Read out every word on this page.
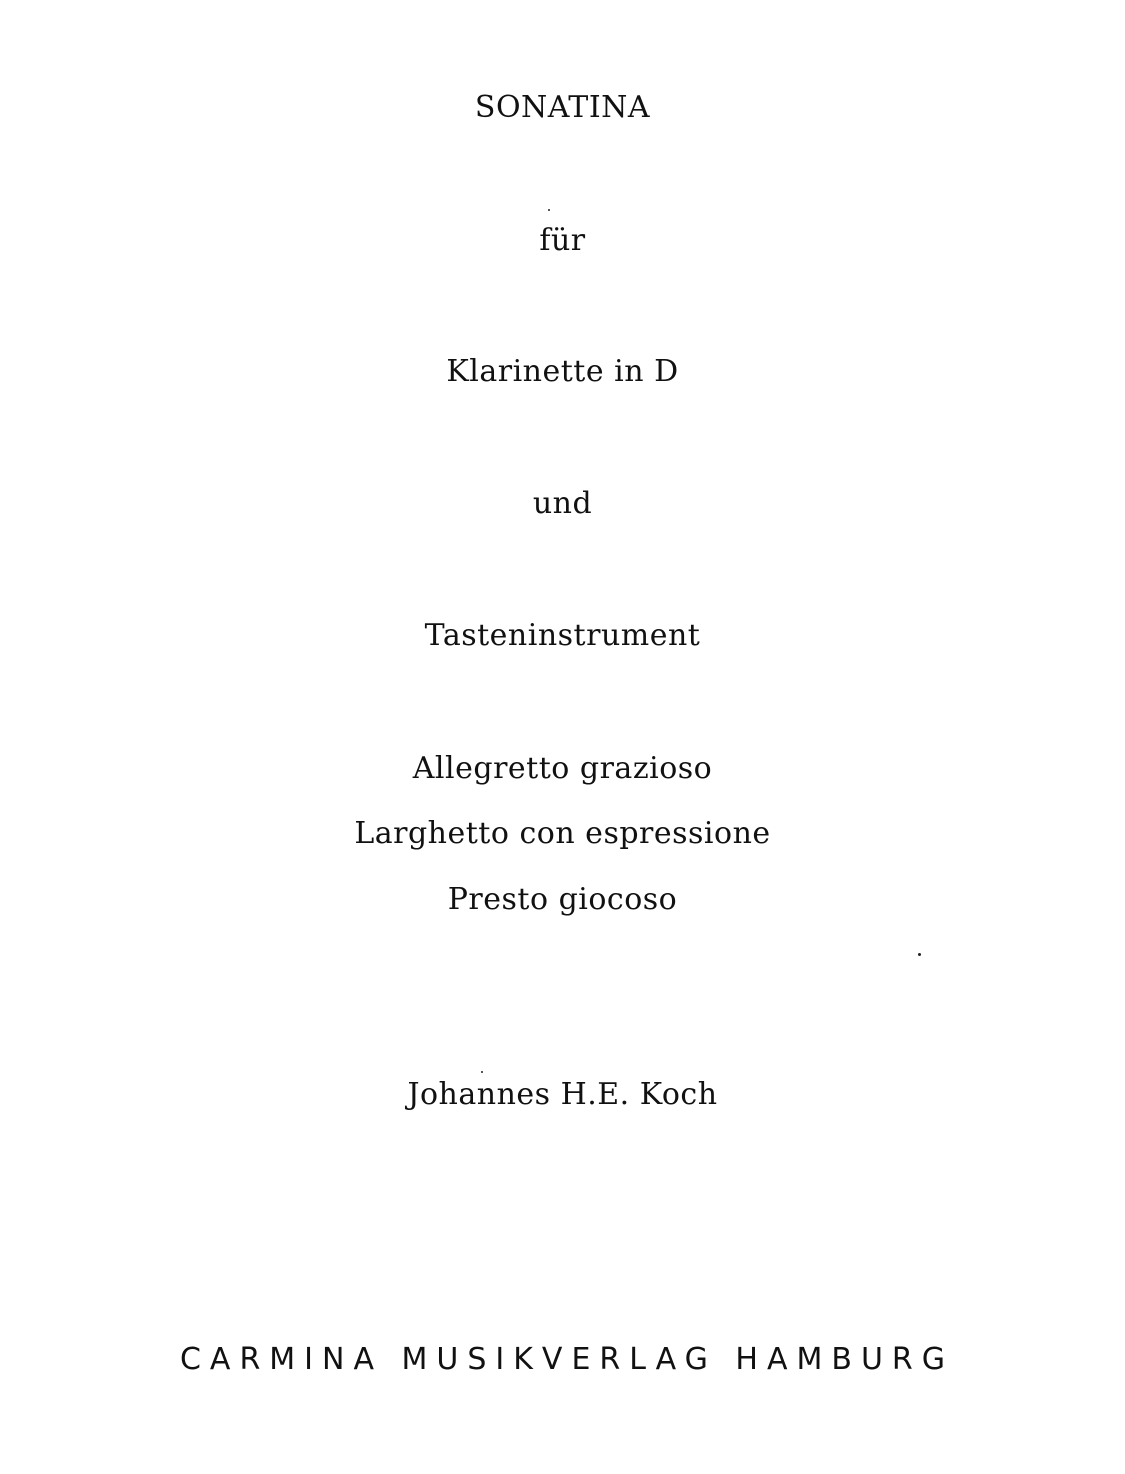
SONATINA
für
Klarinette in D
und
Tasteninstrument
Allegretto grazioso
Larghetto con espressione
Presto giocoso
Johannes H.E. Koch
CARMINA MUSIKVERLAG HAMBURG
